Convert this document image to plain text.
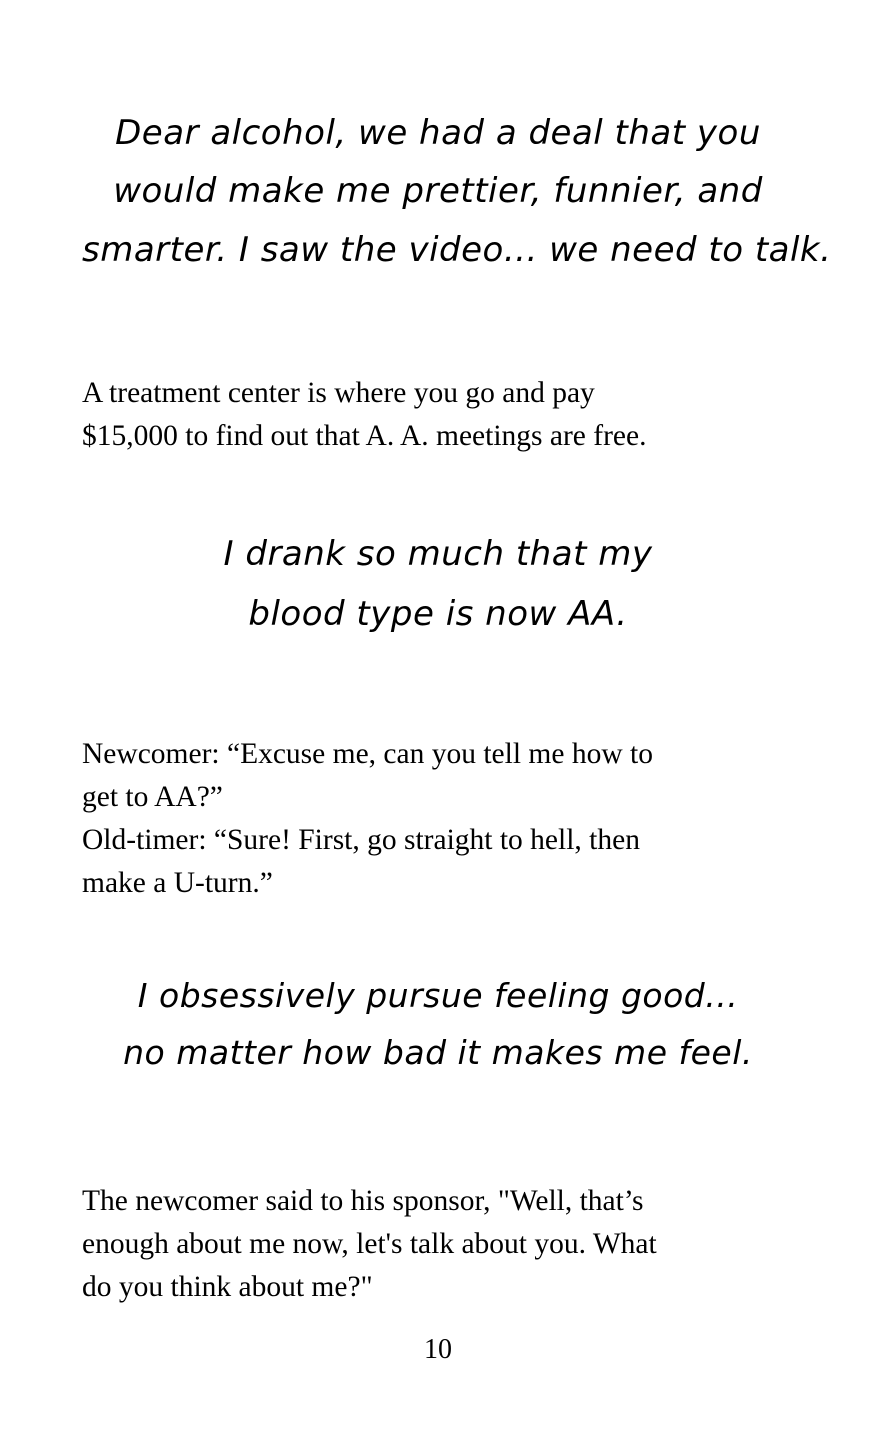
Dear alcohol, we had a deal that you
would make me prettier, funnier, and
smarter. I saw the video... we need to talk.
A treatment center is where you go and pay
$15,000 to find out that A. A. meetings are free.
I drank so much that my
blood type is now AA.
Newcomer: “Excuse me, can you tell me how to
get to AA?”
Old-timer: “Sure! First, go straight to hell, then
make a U-turn.”
I obsessively pursue feeling good...
no matter how bad it makes me feel.
The newcomer said to his sponsor, "Well, that’s
enough about me now, let's talk about you. What
do you think about me?"
10
